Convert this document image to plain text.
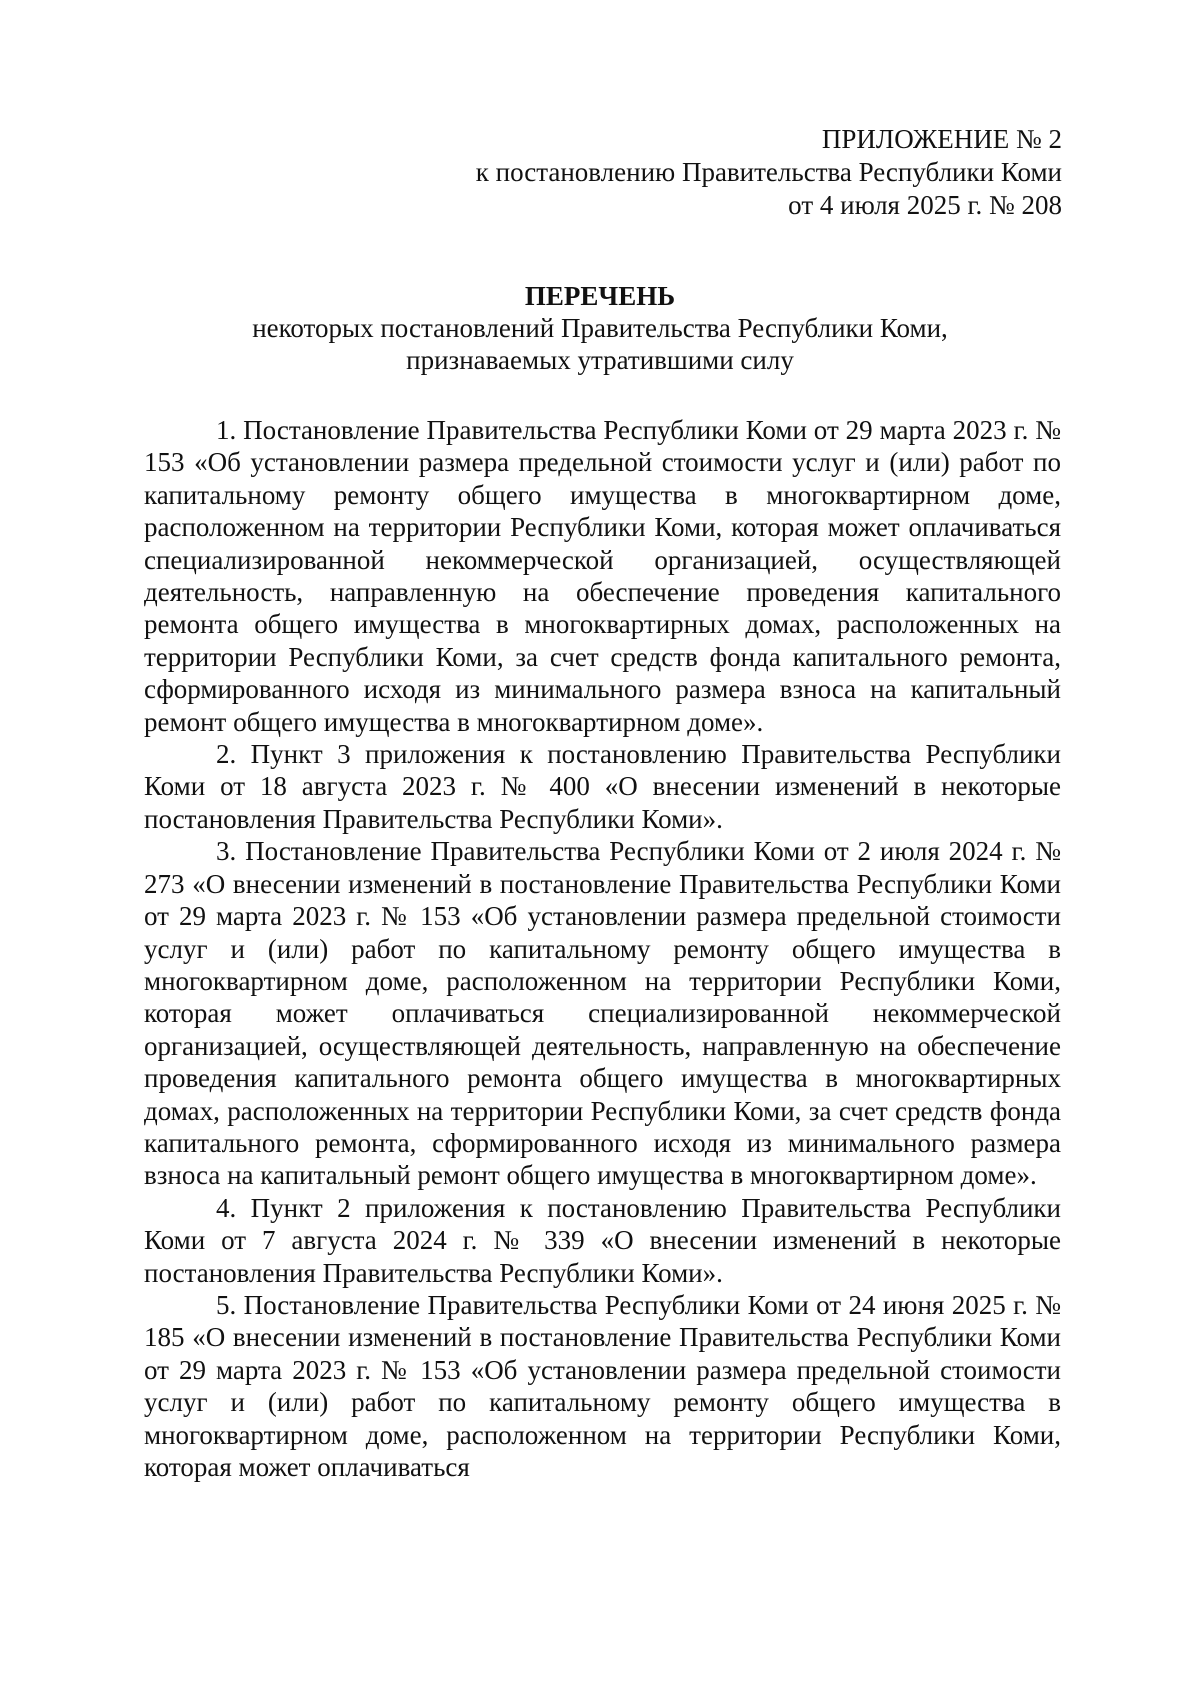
ПРИЛОЖЕНИЕ № 2
к постановлению Правительства Республики Коми
от 4 июля 2025 г. № 208
ПЕРЕЧЕНЬ
некоторых постановлений Правительства Республики Коми,
признаваемых утратившими силу

1. Постановление Правительства Республики Коми от 29 марта 2023 г. № 153 «Об установлении размера предельной стоимости услуг и (или) работ по капитальному ремонту общего имущества в многоквартирном доме, расположенном на территории Республики Коми, которая может оплачиваться специализированной некоммерческой организацией, осуществляющей деятельность, направленную на обеспечение проведения капитального ремонта общего имущества в многоквартирных домах, расположенных на территории Республики Коми, за счет средств фонда капитального ремонта, сформированного исходя из минимального размера взноса на капитальный ремонт общего имущества в многоквартирном доме».

2. Пункт 3 приложения к постановлению Правительства Республики Коми от 18 августа 2023 г. № 400 «О внесении изменений в некоторые постановления Правительства Республики Коми».

3. Постановление Правительства Республики Коми от 2 июля 2024 г. № 273 «О внесении изменений в постановление Правительства Республики Коми от 29 марта 2023 г. № 153 «Об установлении размера предельной стоимости услуг и (или) работ по капитальному ремонту общего имущества в многоквартирном доме, расположенном на территории Республики Коми, которая может оплачиваться специализированной некоммерческой организацией, осуществляющей деятельность, направленную на обеспечение проведения капитального ремонта общего имущества в многоквартирных домах, расположенных на территории Республики Коми, за счет средств фонда капитального ремонта, сформированного исходя из минимального размера взноса на капитальный ремонт общего имущества в многоквартирном доме».

4. Пункт 2 приложения к постановлению Правительства Республики Коми от 7 августа 2024 г. № 339 «О внесении изменений в некоторые постановления Правительства Республики Коми».

5. Постановление Правительства Республики Коми от 24 июня 2025 г. № 185 «О внесении изменений в постановление Правительства Республики Коми от 29 марта 2023 г. № 153 «Об установлении размера предельной стоимости услуг и (или) работ по капитальному ремонту общего имущества в многоквартирном доме, расположенном на территории Республики Коми, которая может оплачиваться
